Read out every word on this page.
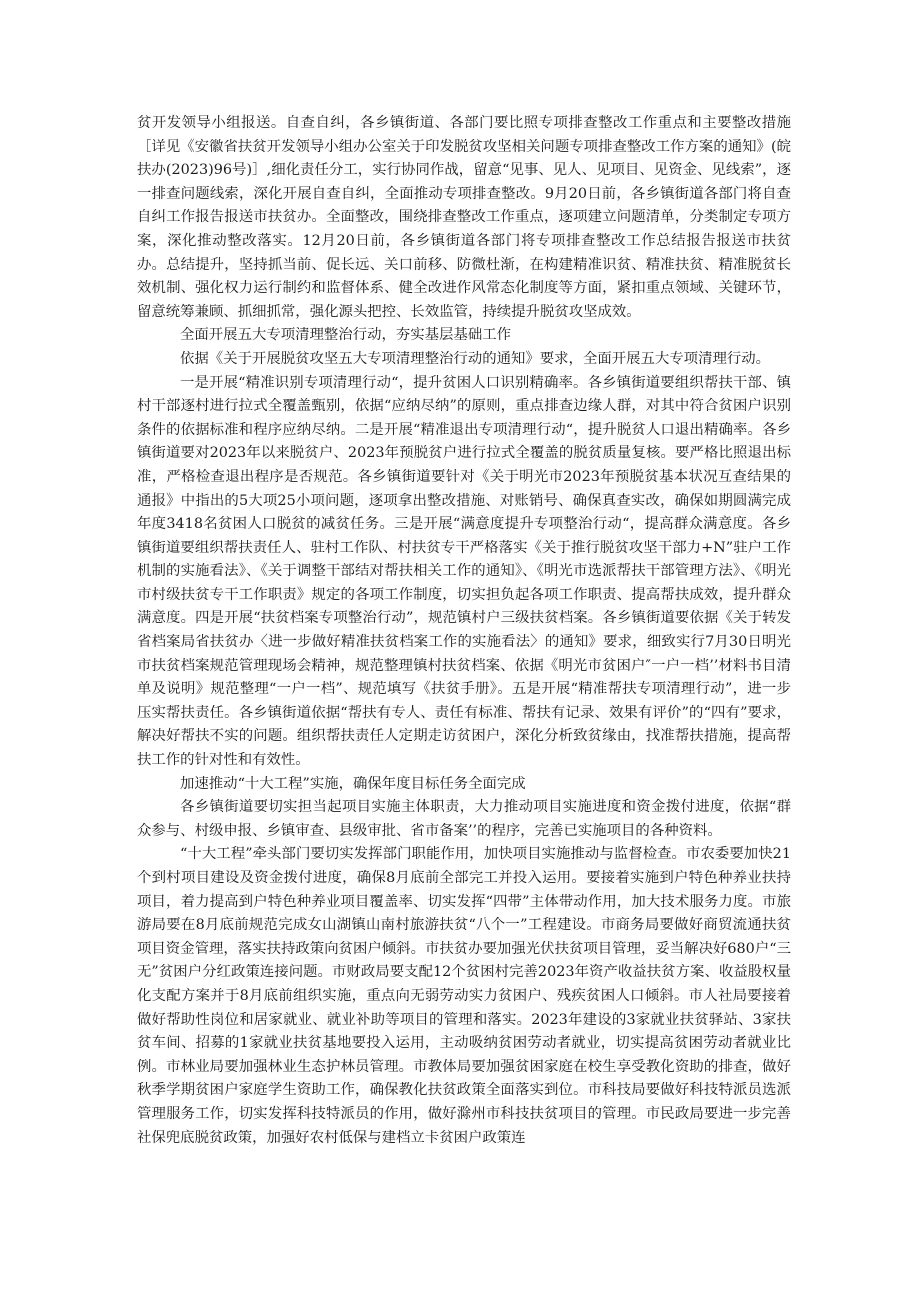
贫开发领导小组报送。自查自纠，各乡镇街道、各部门要比照专项排查整改工作重点和主要整改措施［详见《安徽省扶贫开发领导小组办公室关于印发脱贫攻坚相关问题专项排查整改工作方案的通知》(皖扶办(2023)96号)］,细化责任分工，实行协同作战，留意“见事、见人、见项目、见资金、见线索”，逐一排查问题线索，深化开展自查自纠，全面推动专项排查整改。9月20日前，各乡镇街道各部门将自查自纠工作报告报送市扶贫办。全面整改，围绕排查整改工作重点，逐项建立问题清单，分类制定专项方案，深化推动整改落实。12月20日前，各乡镇街道各部门将专项排查整改工作总结报告报送市扶贫办。总结提升，坚持抓当前、促长远、关口前移、防微杜渐，在构建精准识贫、精准扶贫、精准脱贫长效机制、强化权力运行制约和监督体系、健全改进作风常态化制度等方面，紧扣重点领域、关键环节，留意统筹兼顾、抓细抓常，强化源头把控、长效监管，持续提升脱贫攻坚成效。

全面开展五大专项清理整治行动，夯实基层基础工作

依据《关于开展脱贫攻坚五大专项清理整治行动的通知》要求，全面开展五大专项清理行动。

一是开展“精准识别专项清理行动“，提升贫困人口识别精确率。各乡镇街道要组织帮扶干部、镇村干部逐村进行拉式全覆盖甄别，依据“应纳尽纳”的原则，重点排查边缘人群，对其中符合贫困户识别条件的依据标准和程序应纳尽纳。二是开展“精准退出专项清理行动“，提升脱贫人口退出精确率。各乡镇街道要对2023年以来脱贫户、2023年预脱贫户进行拉式全覆盖的脱贫质量复核。要严格比照退出标准，严格检查退出程序是否规范。各乡镇街道要针对《关于明光市2023年预脱贫基本状况互查结果的通报》中指出的5大项25小项问题，逐项拿出整改措施、对账销号、确保真查实改，确保如期圆满完成年度3418名贫困人口脱贫的减贫任务。三是开展“满意度提升专项整治行动“，提高群众满意度。各乡镇街道要组织帮扶责任人、驻村工作队、村扶贫专干严格落实《关于推行脱贫攻坚干部力+N”驻户工作机制的实施看法》、《关于调整干部结对帮扶相关工作的通知》、《明光市选派帮扶干部管理方法》、《明光市村级扶贫专干工作职责》规定的各项工作制度，切实担负起各项工作职责、提高帮扶成效，提升群众满意度。四是开展“扶贫档案专项整治行动”，规范镇村户三级扶贫档案。各乡镇街道要依据《关于转发省档案局省扶贫办〈进一步做好精准扶贫档案工作的实施看法〉的通知》要求，细致实行7月30日明光市扶贫档案规范管理现场会精神，规范整理镇村扶贫档案、依据《明光市贫困户″一户一档’’材料书目清单及说明》规范整理“一户一档”、规范填写《扶贫手册》。五是开展“精准帮扶专项清理行动”，进一步压实帮扶责任。各乡镇街道依据“帮扶有专人、责任有标准、帮扶有记录、效果有评价”的“四有”要求，解决好帮扶不实的问题。组织帮扶责任人定期走访贫困户，深化分析致贫缘由，找准帮扶措施，提高帮扶工作的针对性和有效性。

加速推动“十大工程”实施，确保年度目标任务全面完成

各乡镇街道要切实担当起项目实施主体职责，大力推动项目实施进度和资金拨付进度，依据“群众参与、村级申报、乡镇审查、县级审批、省市备案’’的程序，完善已实施项目的各种资料。

“十大工程”牵头部门要切实发挥部门职能作用，加快项目实施推动与监督检查。市农委要加快21个到村项目建设及资金拨付进度，确保8月底前全部完工并投入运用。要接着实施到户特色种养业扶持项目，着力提高到户特色种养业项目覆盖率、切实发挥“四带”主体带动作用，加大技术服务力度。市旅游局要在8月底前规范完成女山湖镇山南村旅游扶贫“八个一”工程建设。市商务局要做好商贸流通扶贫项目资金管理，落实扶持政策向贫困户倾斜。市扶贫办要加强光伏扶贫项目管理，妥当解决好680户“三无”贫困户分红政策连接问题。市财政局要支配12个贫困村完善2023年资产收益扶贫方案、收益股权量化支配方案并于8月底前组织实施，重点向无弱劳动实力贫困户、残疾贫困人口倾斜。市人社局要接着做好帮助性岗位和居家就业、就业补助等项目的管理和落实。2023年建设的3家就业扶贫驿站、3家扶贫车间、招募的1家就业扶贫基地要投入运用，主动吸纳贫困劳动者就业，切实提高贫困劳动者就业比例。市林业局要加强林业生态护林员管理。市教体局要加强贫困家庭在校生享受教化资助的排查，做好秋季学期贫困户家庭学生资助工作，确保教化扶贫政策全面落实到位。市科技局要做好科技特派员选派管理服务工作，切实发挥科技特派员的作用，做好滁州市科技扶贫项目的管理。市民政局要进一步完善社保兜底脱贫政策，加强好农村低保与建档立卡贫困户政策连
